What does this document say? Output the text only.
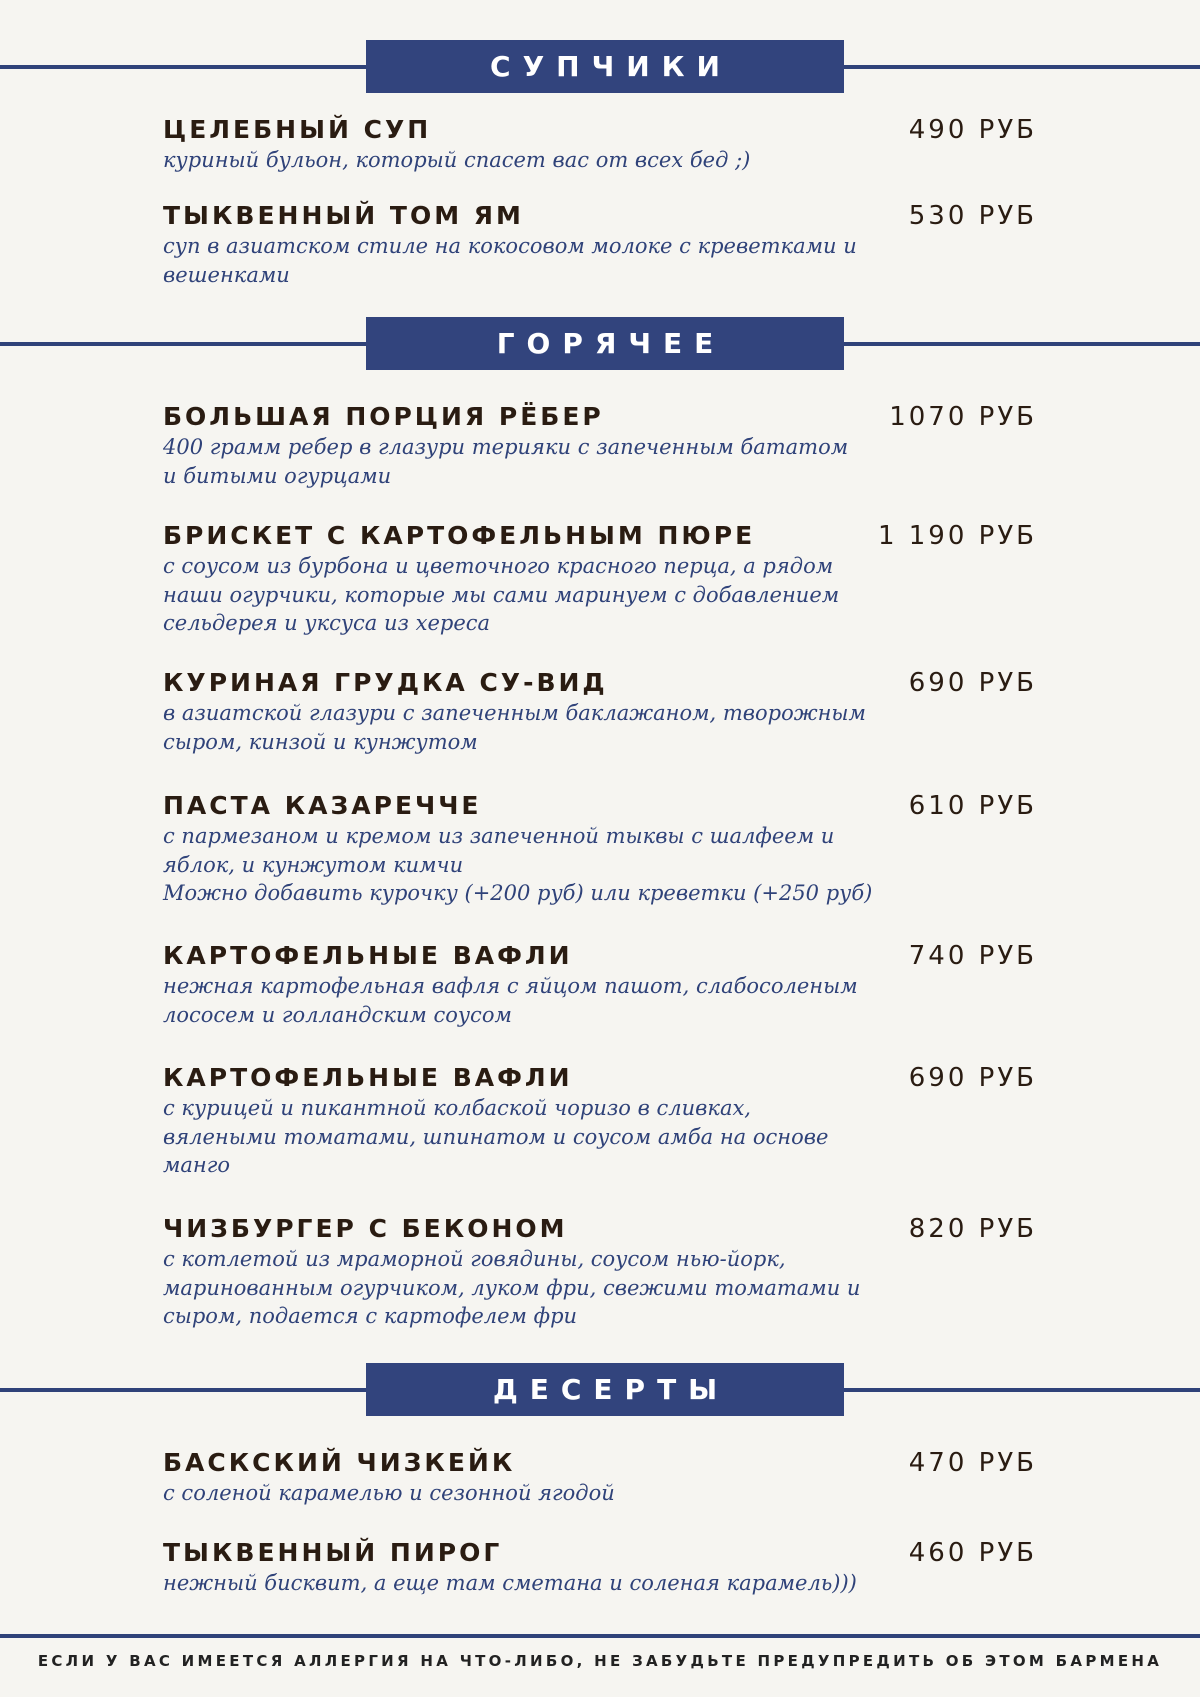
СУПЧИКИ
ЦЕЛЕБНЫЙ СУП	490 РУБ
куриный бульон, который спасет вас от всех бед ;)
ТЫКВЕННЫЙ ТОМ ЯМ	530 РУБ
суп в азиатском стиле на кокосовом молоке с креветками и
вешенками
ГОРЯЧЕЕ
БОЛЬШАЯ ПОРЦИЯ РЁБЕР	1070 РУБ
400 грамм ребер в глазури терияки с запеченным бататом
и битыми огурцами
БРИСКЕТ С КАРТОФЕЛЬНЫМ ПЮРЕ	1 190 РУБ
с соусом из бурбона и цветочного красного перца, а рядом
наши огурчики, которые мы сами маринуем с добавлением
сельдерея и уксуса из хереса
КУРИНАЯ ГРУДКА СУ-ВИД	690 РУБ
в азиатской глазури с запеченным баклажаном, творожным
сыром, кинзой и кунжутом
ПАСТА КАЗАРЕЧЧЕ	610 РУБ
с пармезаном и кремом из запеченной тыквы с шалфеем и
яблок, и кунжутом кимчи
Можно добавить курочку (+200 руб) или креветки (+250 руб)
КАРТОФЕЛЬНЫЕ ВАФЛИ	740 РУБ
нежная картофельная вафля с яйцом пашот, слабосоленым
лососем и голландским соусом
КАРТОФЕЛЬНЫЕ ВАФЛИ	690 РУБ
с курицей и пикантной колбаской чоризо в сливках,
вялеными томатами, шпинатом и соусом амба на основе
манго
ЧИЗБУРГЕР С БЕКОНОМ	820 РУБ
с котлетой из мраморной говядины, соусом нью-йорк,
маринованным огурчиком, луком фри, свежими томатами и
сыром, подается с картофелем фри
ДЕСЕРТЫ
БАСКСКИЙ ЧИЗКЕЙК	470 РУБ
с соленой карамелью и сезонной ягодой
ТЫКВЕННЫЙ ПИРОГ	460 РУБ
нежный бисквит, а еще там сметана и соленая карамель)))
ЕСЛИ У ВАС ИМЕЕТСЯ АЛЛЕРГИЯ НА ЧТО-ЛИБО, НЕ ЗАБУДЬТЕ ПРЕДУПРЕДИТЬ ОБ ЭТОМ БАРМЕНА
